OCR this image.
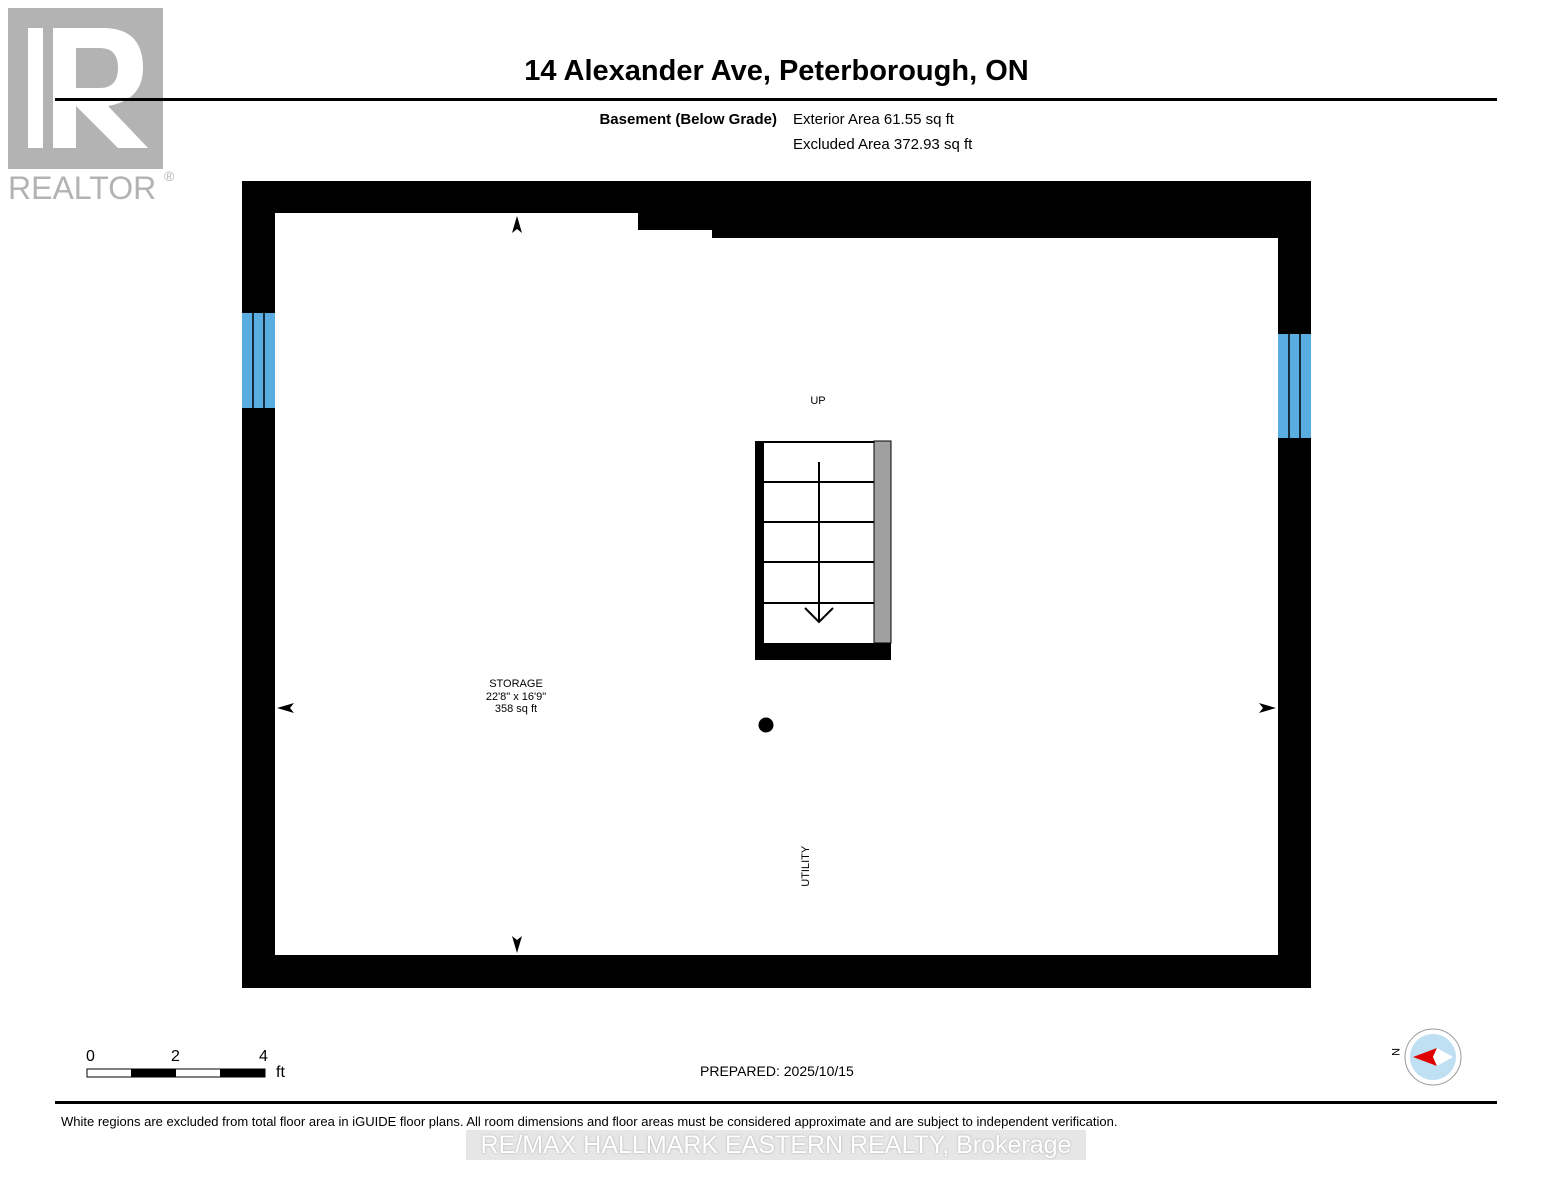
REALTOR ®
14 Alexander Ave, Peterborough, ON
Basement (Below Grade) Exterior Area 61.55 sq ft
Excluded Area 372.93 sq ft
STORAGE
22'8" x 16'9"
358 sq ft
UP
UTILITY
0	2	4
ft	PREPARED: 2025/10/15
N
White regions are excluded from total floor area in iGUIDE floor plans. All room dimensions and floor areas must be considered approximate and are subject to independent verification.
RE/MAX HALLMARK EASTERN REALTY, Brokerage
